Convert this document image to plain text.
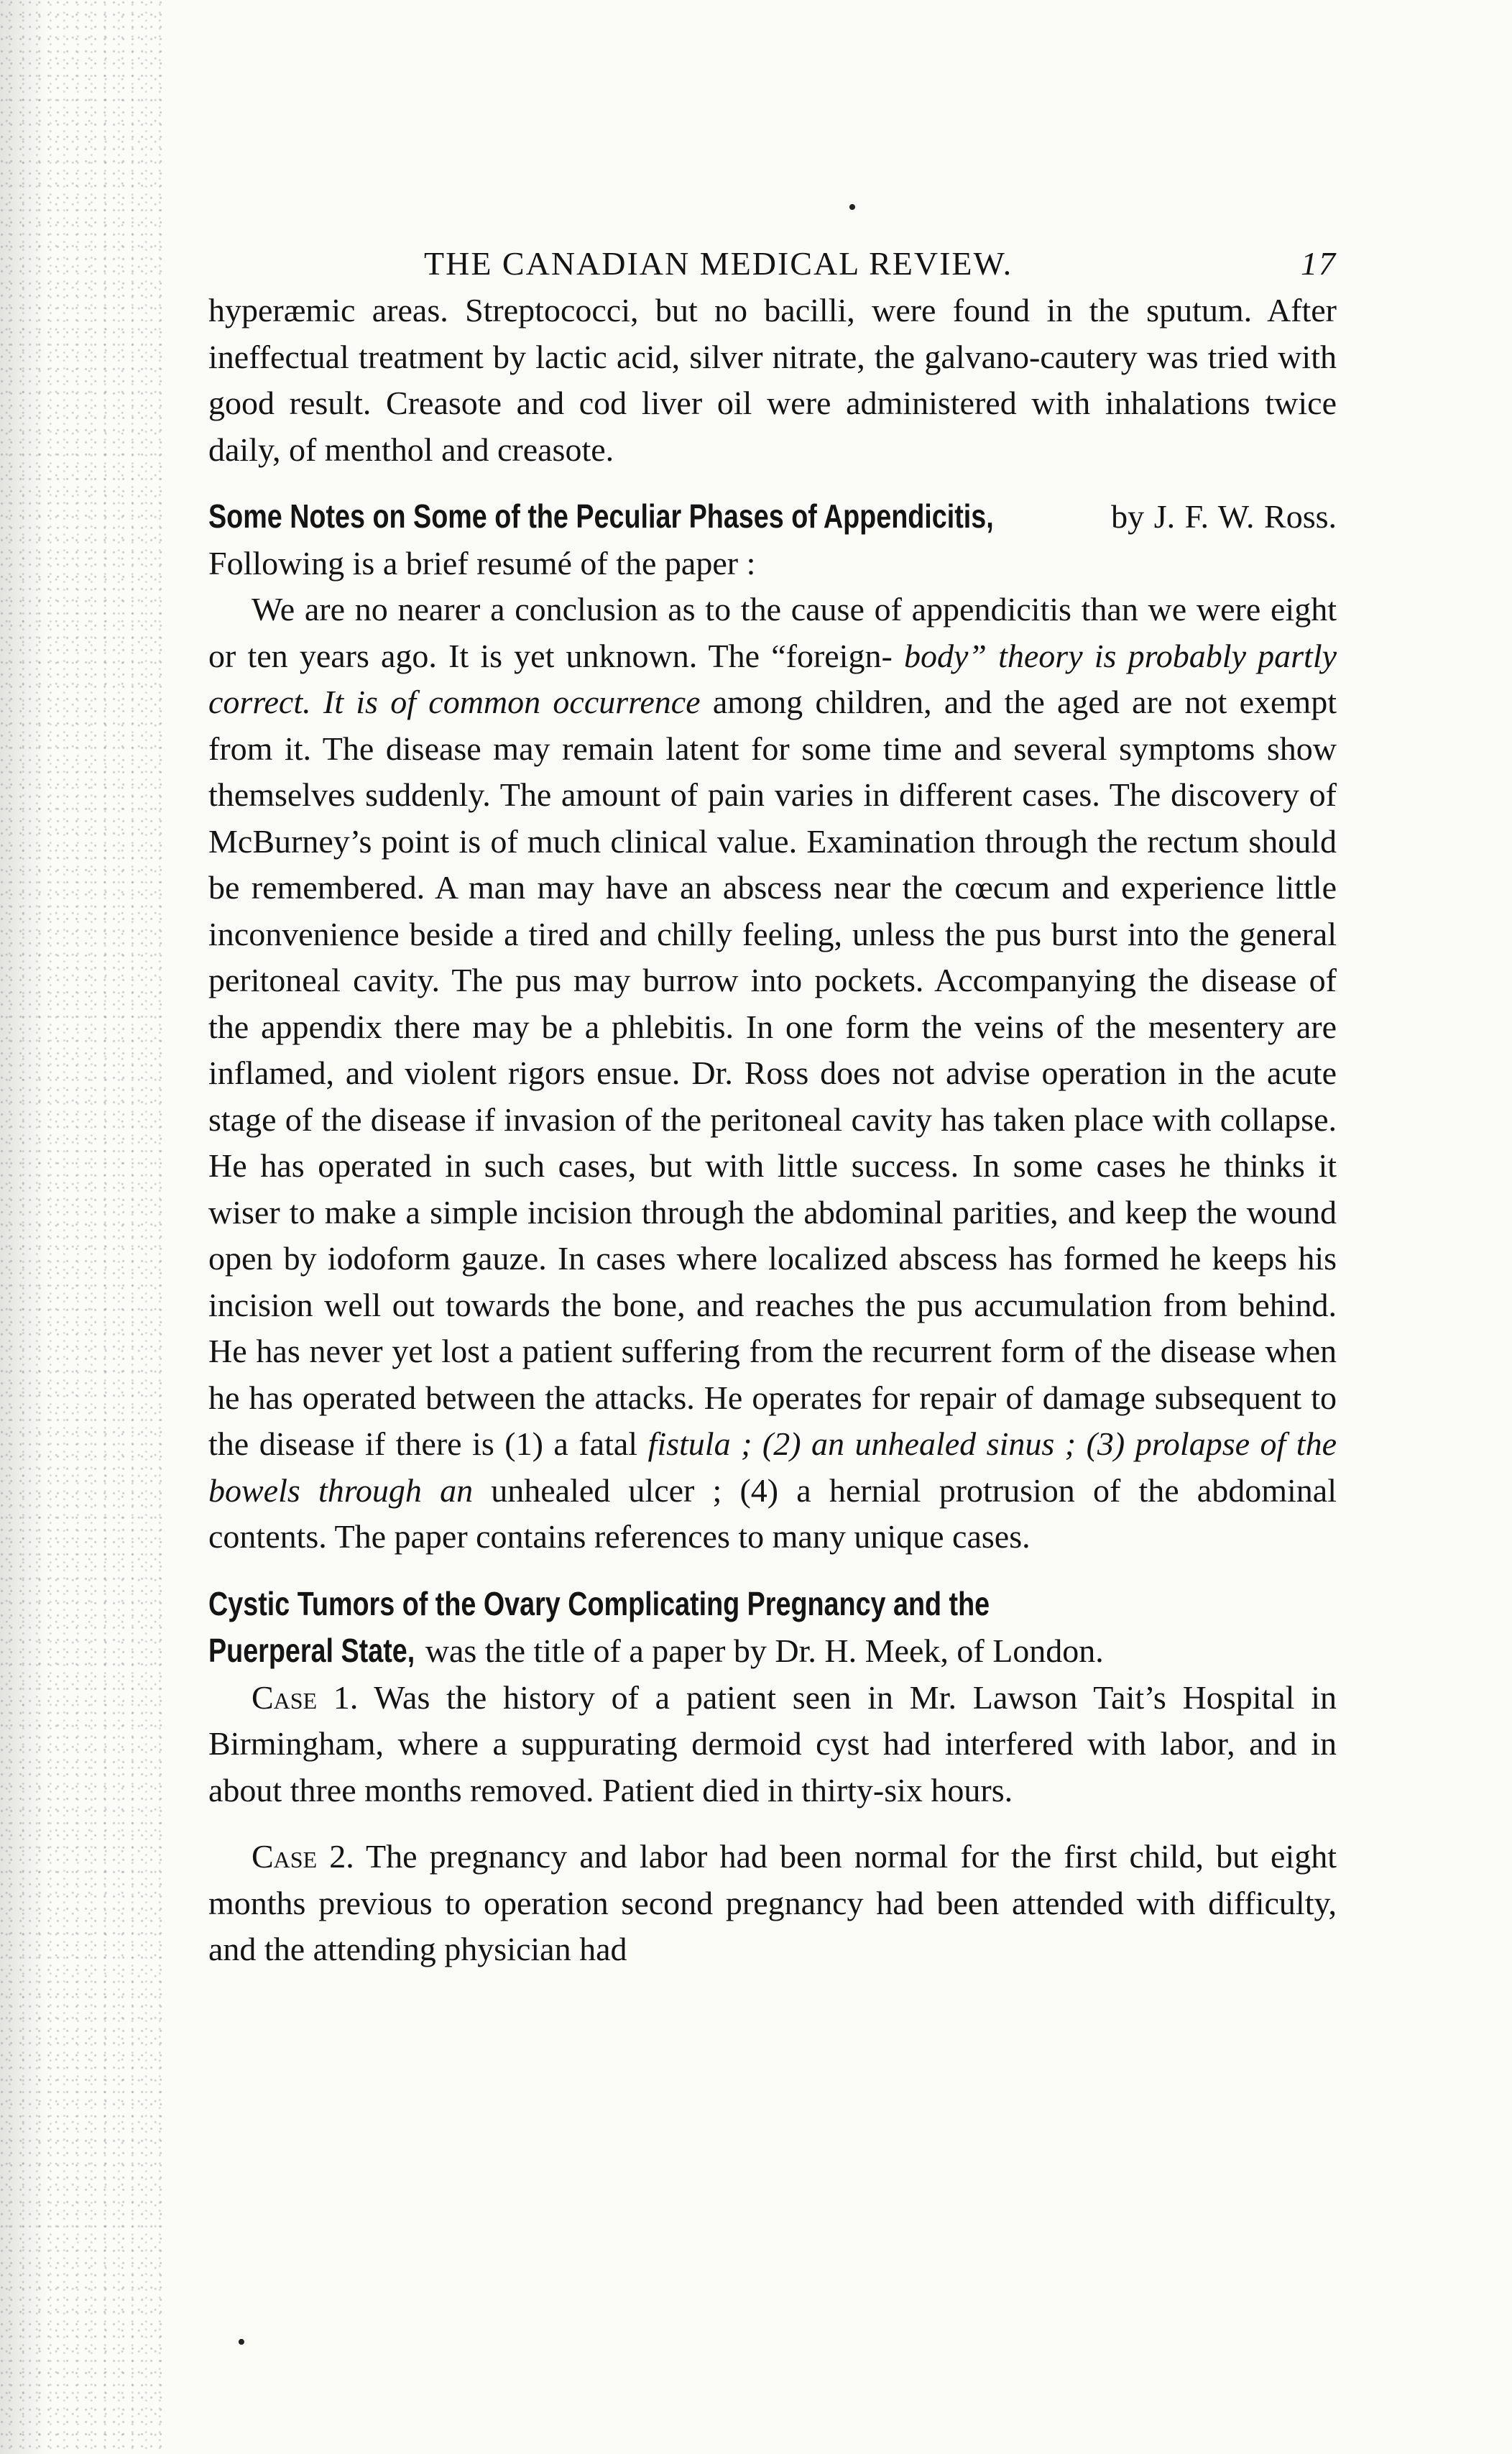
THE CANADIAN MEDICAL REVIEW.	17

hyperæmic areas. Streptococci, but no bacilli, were found in the sputum. After ineffectual treatment by lactic acid, silver nitrate, the galvano-cautery was tried with good result. Creasote and cod liver oil were administered with inhalations twice daily, of menthol and creasote.

Some Notes on Some of the Peculiar Phases of Appendicitis,	by J. F. W. Ross. Following is a brief resumé of the paper :

We are no nearer a conclusion as to the cause of appendicitis than we were eight or ten years ago. It is yet unknown. The “foreign- body” theory is probably partly correct. It is of common occurrence among children, and the aged are not exempt from it. The disease may remain latent for some time and several symptoms show themselves suddenly. The amount of pain varies in different cases. The discovery of McBurney’s point is of much clinical value. Examination through the rectum should be remembered. A man may have an abscess near the cœcum and experience little inconvenience beside a tired and chilly feeling, unless the pus burst into the general peritoneal cavity. The pus may burrow into pockets. Accompanying the disease of the appendix there may be a phlebitis. In one form the veins of the mesentery are inflamed, and violent rigors ensue. Dr. Ross does not advise operation in the acute stage of the disease if invasion of the peritoneal cavity has taken place with collapse. He has operated in such cases, but with little success. In some cases he thinks it wiser to make a simple incision through the abdominal parities, and keep the wound open by iodoform gauze. In cases where localized abscess has formed he keeps his incision well out towards the bone, and reaches the pus accumulation from behind. He has never yet lost a patient suffering from the recurrent form of the disease when he has operated between the attacks. He operates for repair of damage subsequent to the disease if there is (1) a fatal fistula ; (2) an unhealed sinus ; (3) prolapse of the bowels through an unhealed ulcer ; (4) a hernial protrusion of the abdominal contents. The paper contains references to many unique cases.

Cystic Tumors of the Ovary Complicating Pregnancy and the
Puerperal State, was the title of a paper by Dr. H. Meek, of London.

Case 1. Was the history of a patient seen in Mr. Lawson Tait’s Hospital in Birmingham, where a suppurating dermoid cyst had interfered with labor, and in about three months removed. Patient died in thirty-six hours.

Case 2. The pregnancy and labor had been normal for the first child, but eight months previous to operation second pregnancy had been attended with difficulty, and the attending physician had

•
•
